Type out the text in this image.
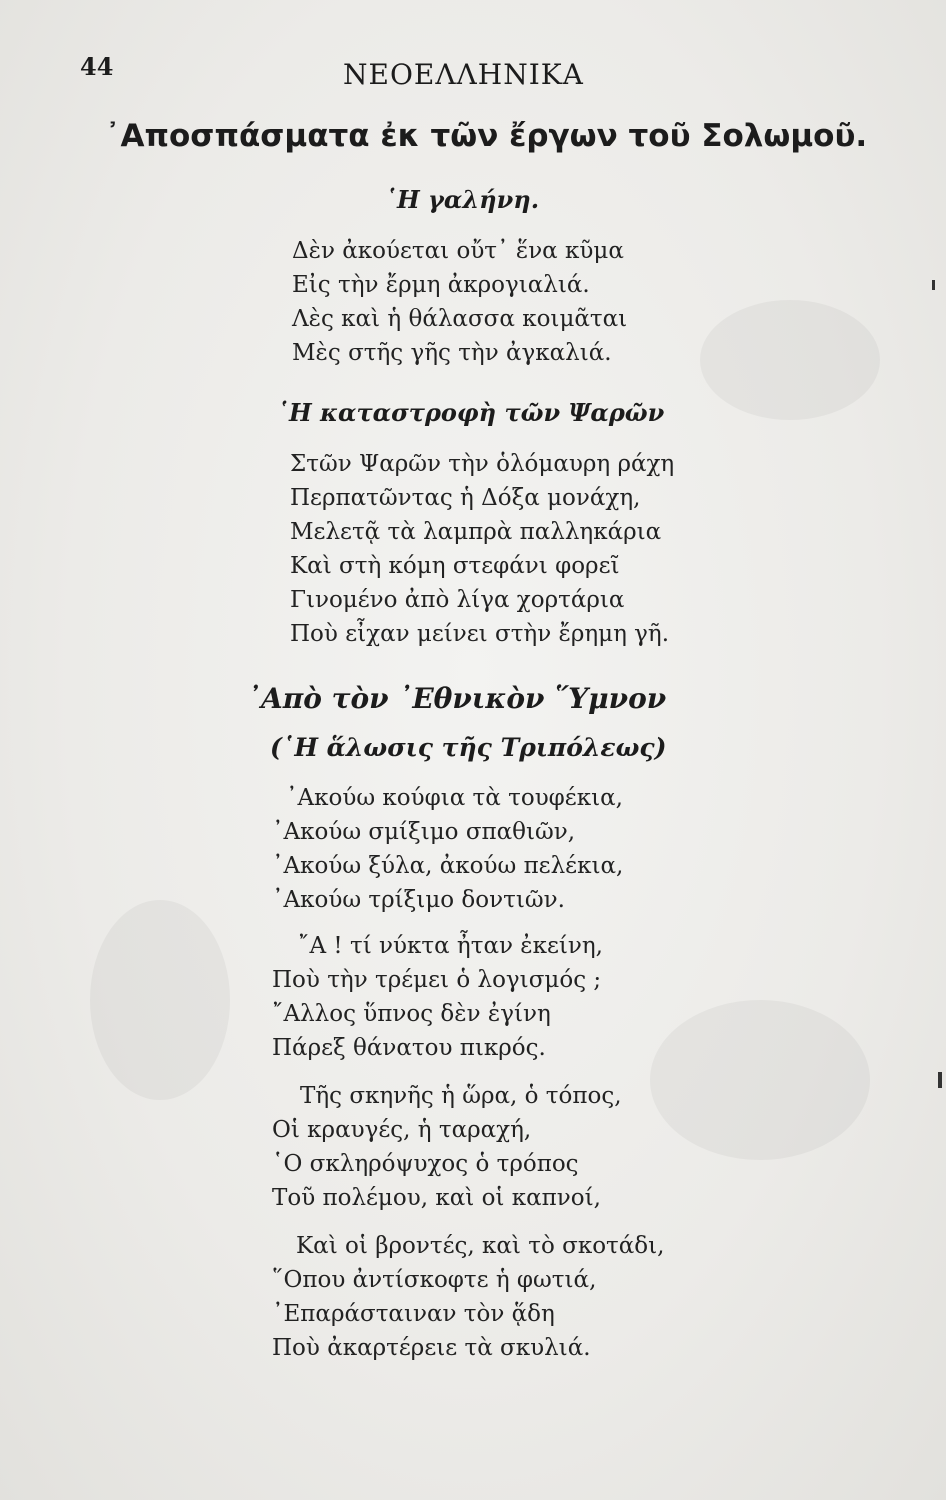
44	ΝΕΟΕΛΛΗΝΙΚΑ
᾿Αποσπάσματα ἐκ τῶν ἔργων τοῦ Σολωμοῦ.
῾Η γαλήνη.
Δὲν ἀκούεται οὔτ᾿ ἕνα κῦμα
Εἰς τὴν ἔρμη ἀκρογιαλιά.
Λὲς καὶ ἡ θάλασσα κοιμᾶται
Μὲς στῆς γῆς τὴν ἀγκαλιά.
῾Η καταστροφὴ τῶν Ψαρῶν
Στῶν Ψαρῶν τὴν ὁλόμαυρη ράχη
Περπατῶντας ἡ Δόξα μονάχη,
Μελετᾷ τὰ λαμπρὰ παλληκάρια
Καὶ στὴ κόμη στεφάνι φορεῖ
Γινομένο ἀπὸ λίγα χορτάρια
Ποὺ εἶχαν μείνει στὴν ἔρημη γῆ.
᾿Απὸ τὸν ᾿Εθνικὸν ῞Υμνον
(῾Η ἅλωσις τῆς Τριπόλεως)
᾿Ακούω κούφια τὰ τουφέκια,
᾿Ακούω σμίξιμο σπαθιῶν,
᾿Ακούω ξύλα, ἀκούω πελέκια,
᾿Ακούω τρίξιμο δοντιῶν.
῎Α ! τί νύκτα ἦταν ἐκείνη,
Ποὺ τὴν τρέμει ὁ λογισμός ;
῎Αλλος ὕπνος δὲν ἐγίνη
Πάρεξ θάνατου πικρός.
Τῆς σκηνῆς ἡ ὥρα, ὁ τόπος,
Οἱ κραυγές, ἡ ταραχή,
῾Ο σκληρόψυχος ὁ τρόπος
Τοῦ πολέμου, καὶ οἱ καπνοί,
Καὶ οἱ βροντές, καὶ τὸ σκοτάδι,
῞Οπου ἀντίσκοφτε ἡ φωτιά,
᾿Επαράσταιναν τὸν ᾅδη
Ποὺ ἀκαρτέρειε τὰ σκυλιά.
